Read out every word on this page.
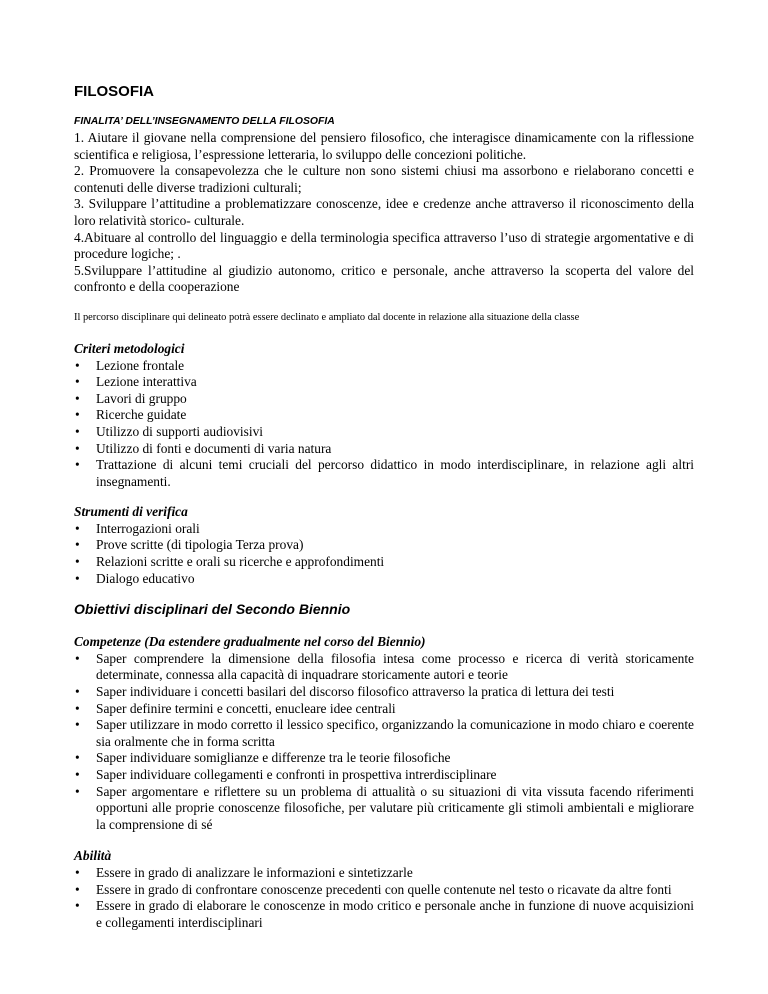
FILOSOFIA
FINALITA’ DELL’INSEGNAMENTO DELLA FILOSOFIA

1. Aiutare il giovane nella comprensione del pensiero filosofico, che interagisce dinamicamente con la riflessione scientifica e religiosa, l’espressione letteraria, lo sviluppo delle concezioni politiche.

2. Promuovere la consapevolezza che le culture non sono sistemi chiusi ma assorbono e rielaborano concetti e contenuti delle diverse tradizioni culturali;

3. Sviluppare l’attitudine a problematizzare conoscenze, idee e credenze anche attraverso il riconoscimento della loro relatività storico- culturale.

4.Abituare al controllo del linguaggio e della terminologia specifica attraverso l’uso di strategie argomentative e di procedure logiche; .

5.Sviluppare l’attitudine al giudizio autonomo, critico e personale, anche attraverso la scoperta del valore del confronto e della cooperazione

Il percorso disciplinare qui delineato potrà essere declinato e ampliato dal docente in relazione alla situazione della classe

Criteri metodologici
• Lezione frontale
• Lezione interattiva
• Lavori di gruppo
• Ricerche guidate
• Utilizzo di supporti audiovisivi
• Utilizzo di fonti e documenti di varia natura
• Trattazione di alcuni temi cruciali del percorso didattico in modo interdisciplinare, in relazione agli altri insegnamenti.
Strumenti di verifica
• Interrogazioni orali
• Prove scritte (di tipologia Terza prova)
• Relazioni scritte e orali su ricerche e approfondimenti
• Dialogo educativo
Obiettivi disciplinari del Secondo Biennio
Competenze (Da estendere gradualmente nel corso del Biennio)
• Saper comprendere la dimensione della filosofia intesa come processo e ricerca di verità storicamente determinate, connessa alla capacità di inquadrare storicamente autori e teorie
• Saper individuare i concetti basilari del discorso filosofico attraverso la pratica di lettura dei testi
• Saper definire termini e concetti, enucleare idee centrali
• Saper utilizzare in modo corretto il lessico specifico, organizzando la comunicazione in modo chiaro e coerente sia oralmente che in forma scritta
• Saper individuare somiglianze e differenze tra le teorie filosofiche
• Saper individuare collegamenti e confronti in prospettiva intrerdisciplinare
• Saper argomentare e riflettere su un problema di attualità o su situazioni di vita vissuta facendo riferimenti opportuni alle proprie conoscenze filosofiche, per valutare più criticamente gli stimoli ambientali e migliorare la comprensione di sé
Abilità
• Essere in grado di analizzare le informazioni e sintetizzarle
• Essere in grado di confrontare conoscenze precedenti con quelle contenute nel testo o ricavate da altre fonti
• Essere in grado di elaborare le conoscenze in modo critico e personale anche in funzione di nuove acquisizioni e collegamenti interdisciplinari
